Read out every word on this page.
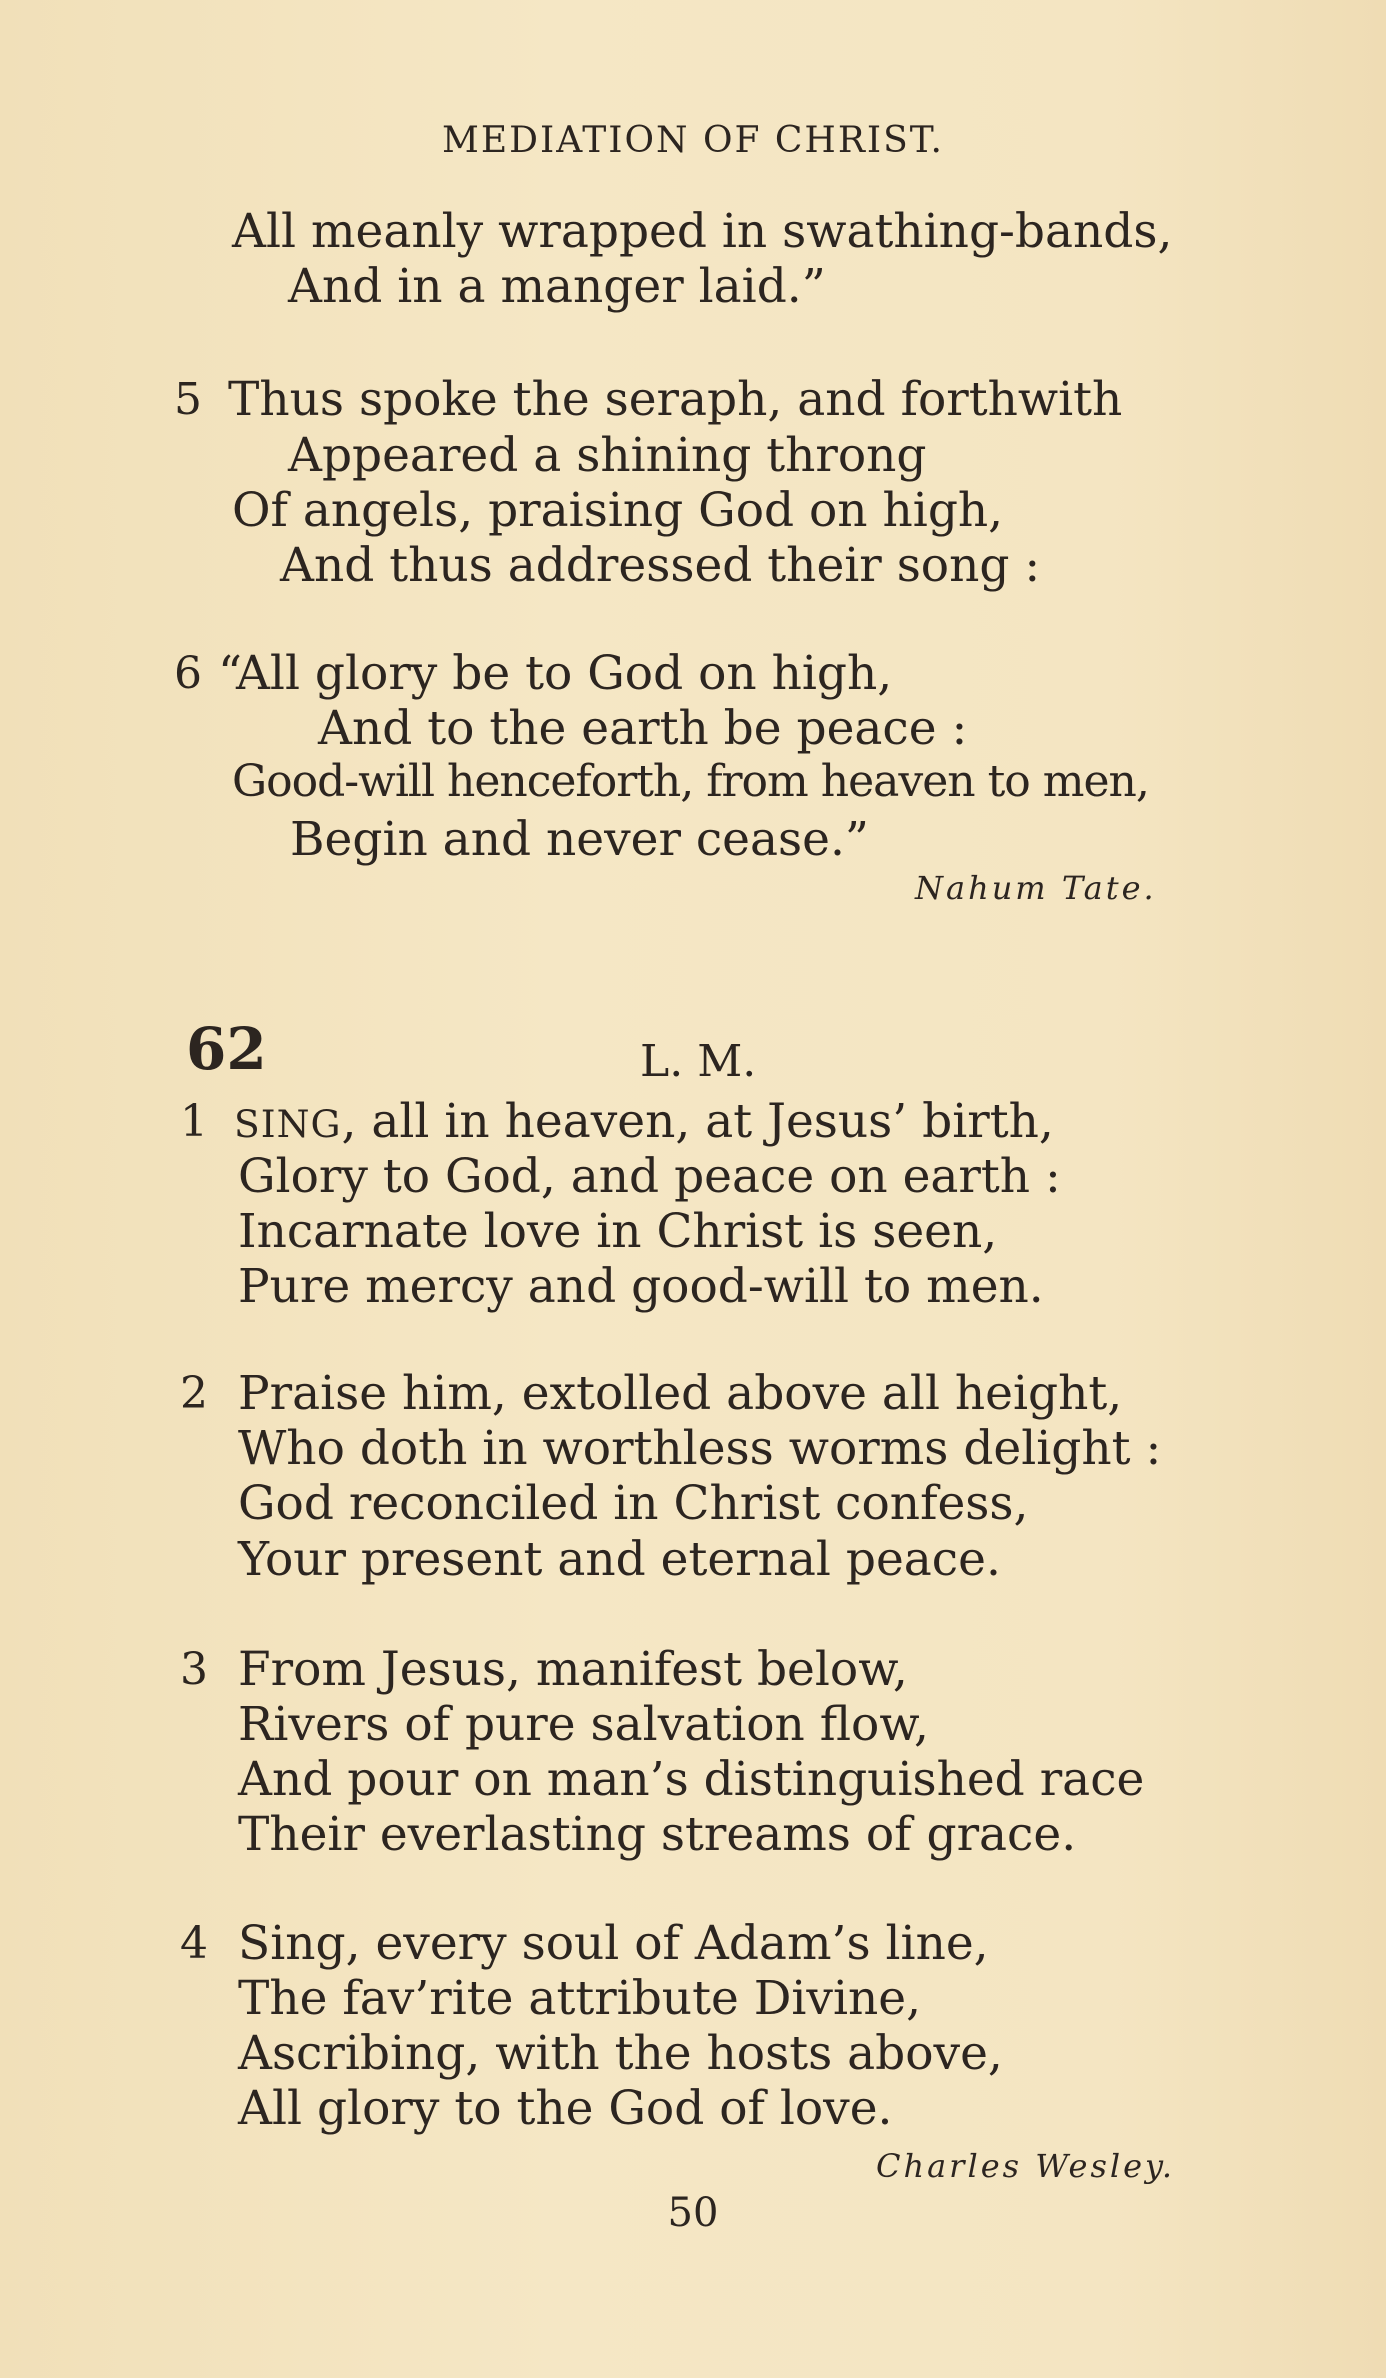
MEDIATION OF CHRIST.
All meanly wrapped in swathing-bands,
And in a manger laid.”
5 Thus spoke the seraph, and forthwith
Appeared a shining throng
Of angels, praising God on high,
And thus addressed their song :
6 “All glory be to God on high,
And to the earth be peace :
Good-will henceforth, from heaven to men,
Begin and never cease.”
Nahum Tate.
62	L. M.
1 SING, all in heaven, at Jesus’ birth,
Glory to God, and peace on earth :
Incarnate love in Christ is seen,
Pure mercy and good-will to men.
2 Praise him, extolled above all height,
Who doth in worthless worms delight :
God reconciled in Christ confess,
Your present and eternal peace.
3 From Jesus, manifest below,
Rivers of pure salvation flow,
And pour on man’s distinguished race
Their everlasting streams of grace.
4 Sing, every soul of Adam’s line,
The fav’rite attribute Divine,
Ascribing, with the hosts above,
All glory to the God of love.
Charles Wesley.
50
